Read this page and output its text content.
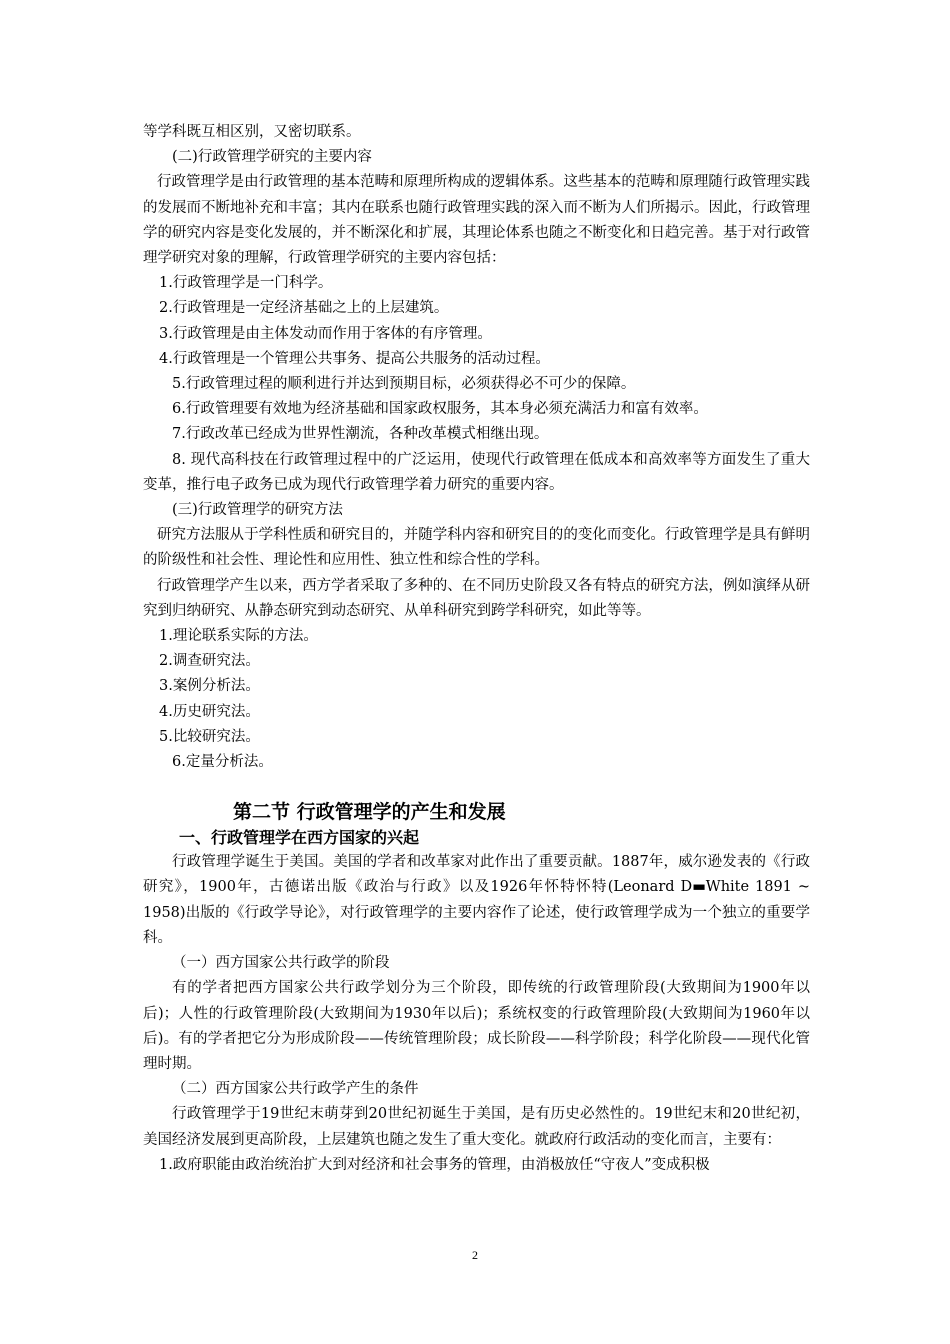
等学科既互相区别，又密切联系。

(二)行政管理学研究的主要内容

行政管理学是由行政管理的基本范畴和原理所构成的逻辑体系。这些基本的范畴和原理随行政管理实践的发展而不断地补充和丰富；其内在联系也随行政管理实践的深入而不断为人们所揭示。因此，行政管理学的研究内容是变化发展的，并不断深化和扩展，其理论体系也随之不断变化和日趋完善。基于对行政管理学研究对象的理解，行政管理学研究的主要内容包括：

1.行政管理学是一门科学。

2.行政管理是一定经济基础之上的上层建筑。

3.行政管理是由主体发动而作用于客体的有序管理。

4.行政管理是一个管理公共事务、提高公共服务的活动过程。

5.行政管理过程的顺利进行并达到预期目标，必须获得必不可少的保障。

6.行政管理要有效地为经济基础和国家政权服务，其本身必须充满活力和富有效率。

7.行政改革已经成为世界性潮流，各种改革模式相继出现。

8. 现代高科技在行政管理过程中的广泛运用，使现代行政管理在低成本和高效率等方面发生了重大变革，推行电子政务已成为现代行政管理学着力研究的重要内容。

(三)行政管理学的研究方法

研究方法服从于学科性质和研究目的，并随学科内容和研究目的的变化而变化。行政管理学是具有鲜明的阶级性和社会性、理论性和应用性、独立性和综合性的学科。

行政管理学产生以来，西方学者采取了多种的、在不同历史阶段又各有特点的研究方法，例如演绎从研究到归纳研究、从静态研究到动态研究、从单科研究到跨学科研究，如此等等。

1.理论联系实际的方法。

2.调查研究法。

3.案例分析法。

4.历史研究法。

5.比较研究法。

6.定量分析法。

第二节 行政管理学的产生和发展

一、行政管理学在西方国家的兴起

行政管理学诞生于美国。美国的学者和改革家对此作出了重要贡献。1887年，威尔逊发表的《行政研究》，1900年，古德诺出版《政治与行政》以及1926年怀特怀特(Leonard D▬White 1891 ~ 1958)出版的《行政学导论》，对行政管理学的主要内容作了论述，使行政管理学成为一个独立的重要学科。

（一）西方国家公共行政学的阶段

有的学者把西方国家公共行政学划分为三个阶段，即传统的行政管理阶段(大致期间为1900年以后)；人性的行政管理阶段(大致期间为1930年以后)；系统权变的行政管理阶段(大致期间为1960年以后)。有的学者把它分为形成阶段——传统管理阶段；成长阶段——科学阶段；科学化阶段——现代化管理时期。

（二）西方国家公共行政学产生的条件

行政管理学于19世纪末萌芽到20世纪初诞生于美国，是有历史必然性的。19世纪末和20世纪初，美国经济发展到更高阶段，上层建筑也随之发生了重大变化。就政府行政活动的变化而言，主要有：

1.政府职能由政治统治扩大到对经济和社会事务的管理，由消极放任“守夜人”变成积极

2
